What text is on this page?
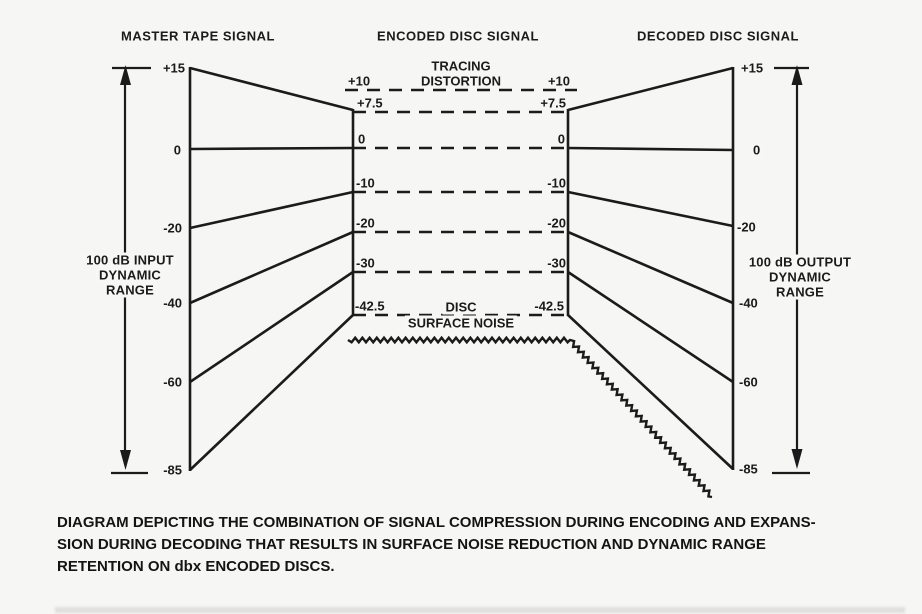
MASTER TAPE SIGNAL	ENCODED DISC SIGNAL	DECODED DISC SIGNAL
+15
0
-20
-40
-60
-85
100 dB INPUT
DYNAMIC
RANGE
TRACING
DISTORTION
+10
+7.5
0
-10
-20
-30
-42.5
+10
+7.5
0
-10
-20
-30
-42.5
DISC
SURFACE NOISE
+15
0
-20
-40
-60
-85
100 dB OUTPUT
DYNAMIC
RANGE
DIAGRAM DEPICTING THE COMBINATION OF SIGNAL COMPRESSION DURING ENCODING AND EXPANS-
SION DURING DECODING THAT RESULTS IN SURFACE NOISE REDUCTION AND DYNAMIC RANGE
RETENTION ON dbx ENCODED DISCS.
